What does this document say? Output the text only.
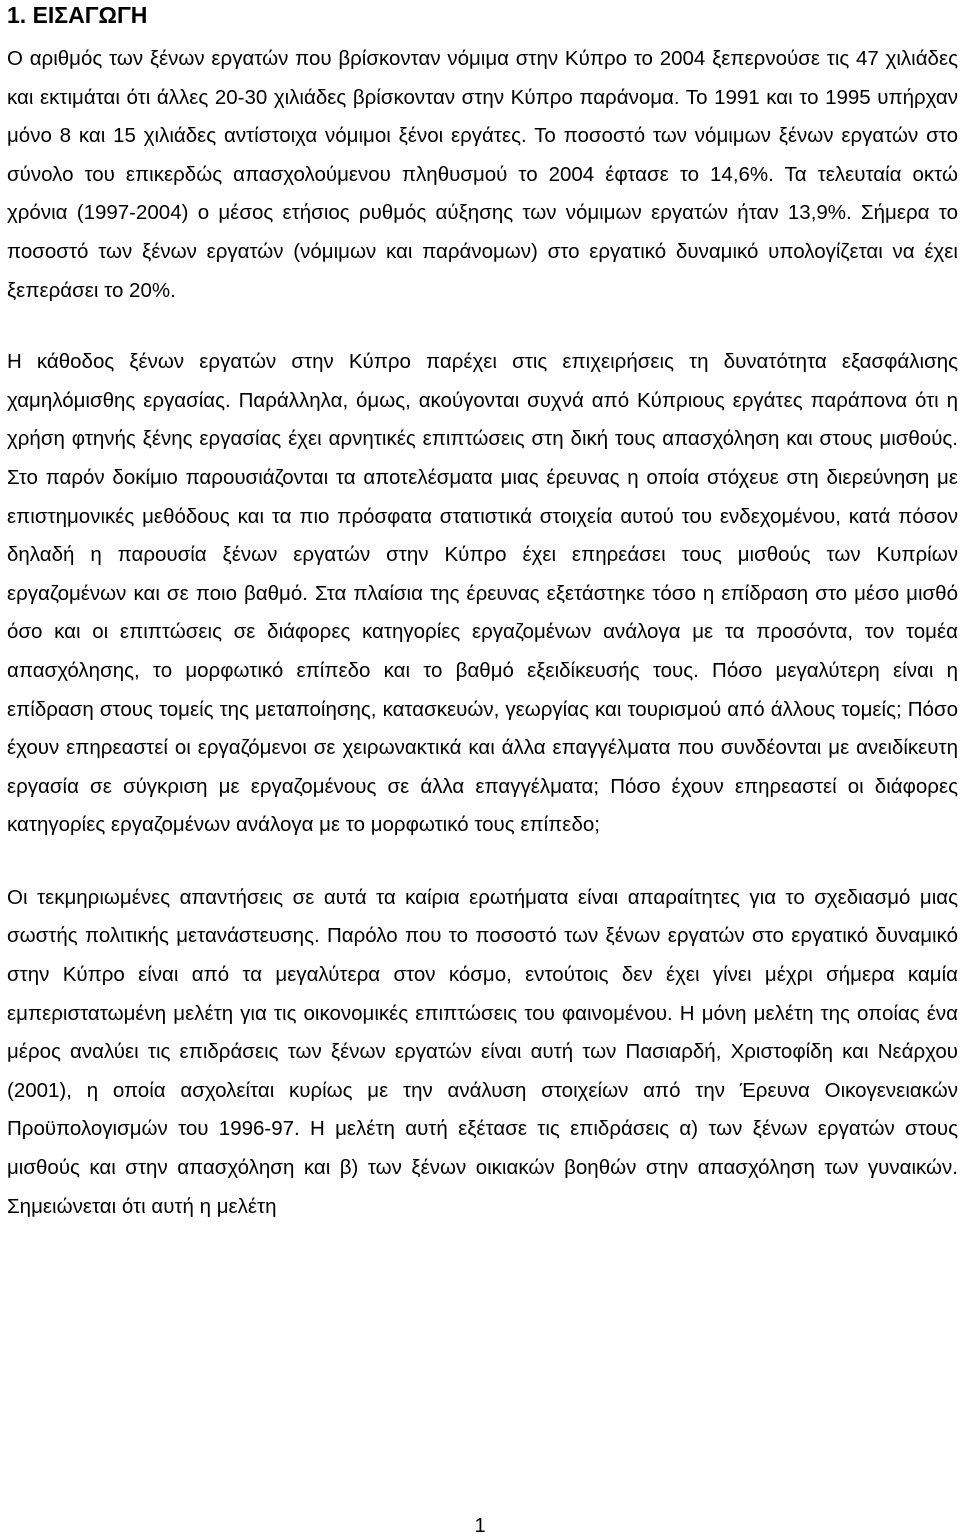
1. ΕΙΣΑΓΩΓΗ

Ο αριθμός των ξένων εργατών που βρίσκονταν νόμιμα στην Κύπρο το 2004 ξεπερνούσε τις 47 χιλιάδες και εκτιμάται ότι άλλες 20-30 χιλιάδες βρίσκονταν στην Κύπρο παράνομα. Το 1991 και το 1995 υπήρχαν μόνο 8 και 15 χιλιάδες αντίστοιχα νόμιμοι ξένοι εργάτες. Το ποσοστό των νόμιμων ξένων εργατών στο σύνολο του επικερδώς απασχολούμενου πληθυσμού το 2004 έφτασε το 14,6%. Τα τελευταία οκτώ χρόνια (1997-2004) ο μέσος ετήσιος ρυθμός αύξησης των νόμιμων εργατών ήταν 13,9%. Σήμερα το ποσοστό των ξένων εργατών (νόμιμων και παράνομων) στο εργατικό δυναμικό υπολογίζεται να έχει ξεπεράσει το 20%.

Η κάθοδος ξένων εργατών στην Κύπρο παρέχει στις επιχειρήσεις τη δυνατότητα εξασφάλισης χαμηλόμισθης εργασίας. Παράλληλα, όμως, ακούγονται συχνά από Κύπριους εργάτες παράπονα ότι η χρήση φτηνής ξένης εργασίας έχει αρνητικές επιπτώσεις στη δική τους απασχόληση και στους μισθούς. Στο παρόν δοκίμιο παρουσιάζονται τα αποτελέσματα μιας έρευνας η οποία στόχευε στη διερεύνηση με επιστημονικές μεθόδους και τα πιο πρόσφατα στατιστικά στοιχεία αυτού του ενδεχομένου, κατά πόσον δηλαδή η παρουσία ξένων εργατών στην Κύπρο έχει επηρεάσει τους μισθούς των Κυπρίων εργαζομένων και σε ποιο βαθμό. Στα πλαίσια της έρευνας εξετάστηκε τόσο η επίδραση στο μέσο μισθό όσο και οι επιπτώσεις σε διάφορες κατηγορίες εργαζομένων ανάλογα με τα προσόντα, τον τομέα απασχόλησης, το μορφωτικό επίπεδο και το βαθμό εξειδίκευσής τους. Πόσο μεγαλύτερη είναι η επίδραση στους τομείς της μεταποίησης, κατασκευών, γεωργίας και τουρισμού από άλλους τομείς; Πόσο έχουν επηρεαστεί οι εργαζόμενοι σε χειρωνακτικά και άλλα επαγγέλματα που συνδέονται με ανειδίκευτη εργασία σε σύγκριση με εργαζομένους σε άλλα επαγγέλματα; Πόσο έχουν επηρεαστεί οι διάφορες κατηγορίες εργαζομένων ανάλογα με το μορφωτικό τους επίπεδο;

Οι τεκμηριωμένες απαντήσεις σε αυτά τα καίρια ερωτήματα είναι απαραίτητες για το σχεδιασμό μιας σωστής πολιτικής μετανάστευσης. Παρόλο που το ποσοστό των ξένων εργατών στο εργατικό δυναμικό στην Κύπρο είναι από τα μεγαλύτερα στον κόσμο, εντούτοις δεν έχει γίνει μέχρι σήμερα καμία εμπεριστατωμένη μελέτη για τις οικονομικές επιπτώσεις του φαινομένου. Η μόνη μελέτη της οποίας ένα μέρος αναλύει τις επιδράσεις των ξένων εργατών είναι αυτή των Πασιαρδή, Χριστοφίδη και Νεάρχου (2001), η οποία ασχολείται κυρίως με την ανάλυση στοιχείων από την Έρευνα Οικογενειακών Προϋπολογισμών του 1996-97. Η μελέτη αυτή εξέτασε τις επιδράσεις α) των ξένων εργατών στους μισθούς και στην απασχόληση και β) των ξένων οικιακών βοηθών στην απασχόληση των γυναικών. Σημειώνεται ότι αυτή η μελέτη

1
